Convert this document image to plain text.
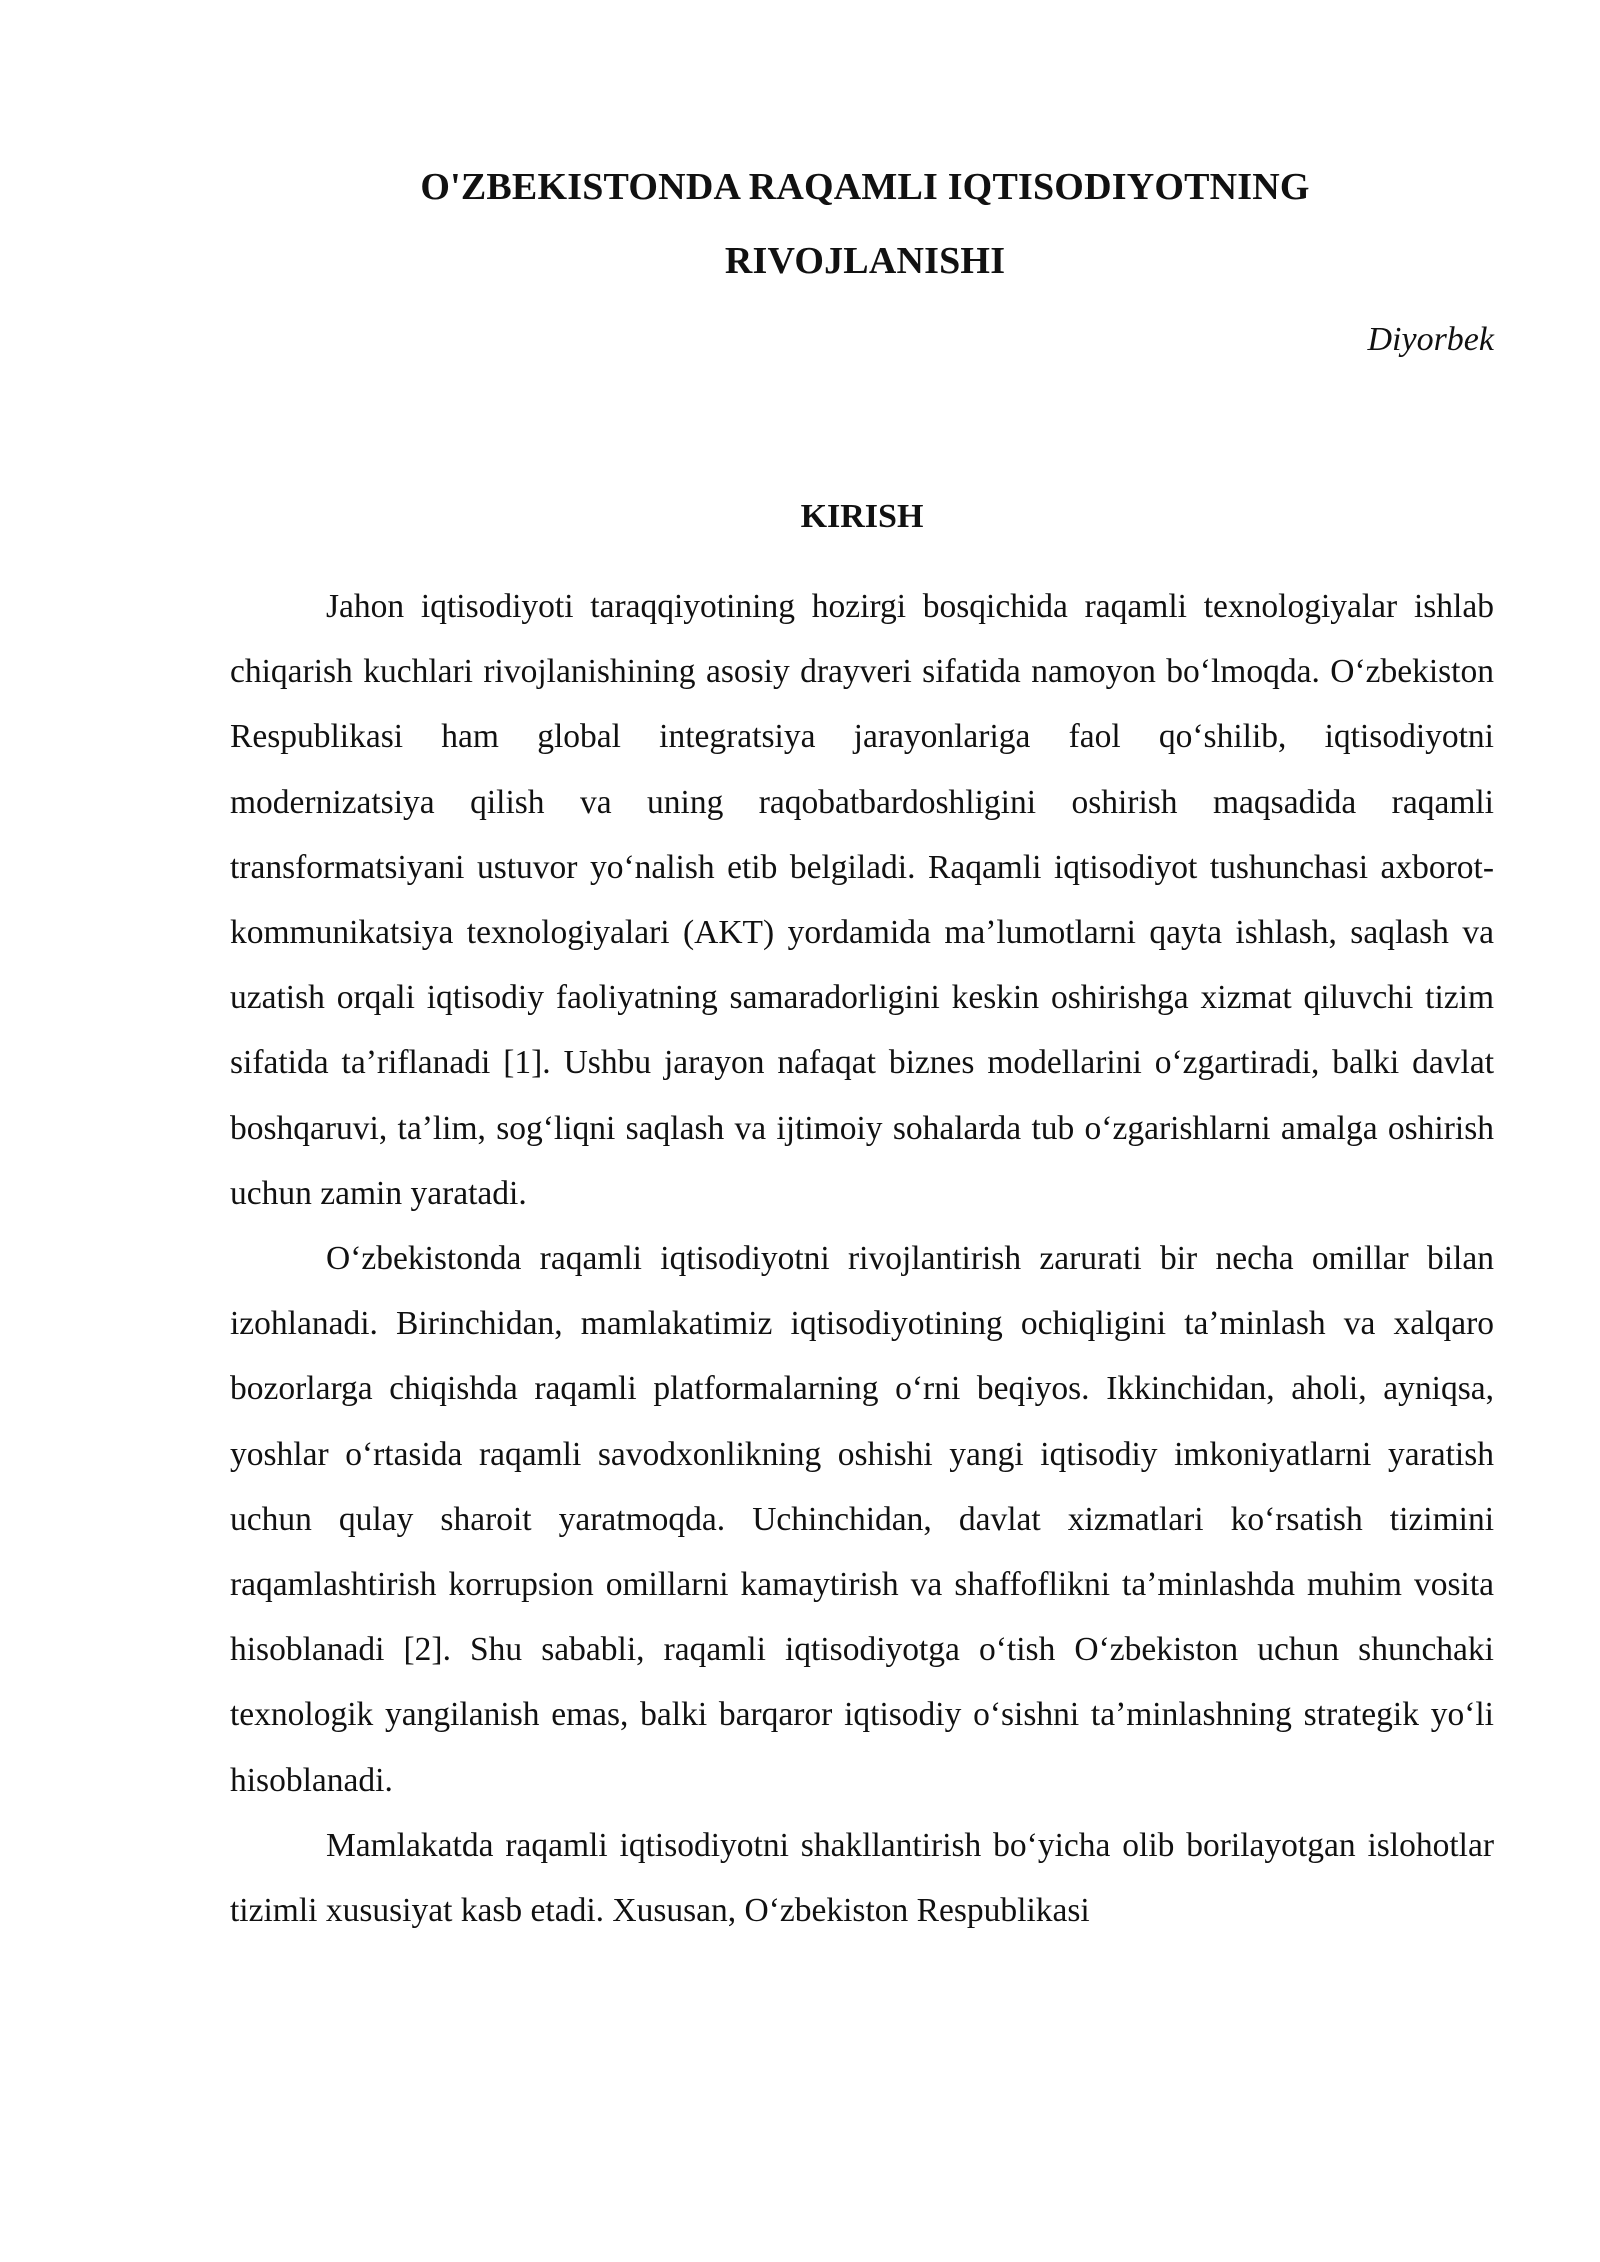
O'ZBEKISTONDA RAQAMLI IQTISODIYOTNING
RIVOJLANISHI

Diyorbek

KIRISH

Jahon iqtisodiyoti taraqqiyotining hozirgi bosqichida raqamli texnologiyalar ishlab chiqarish kuchlari rivojlanishining asosiy drayveri sifatida namoyon boʻlmoqda. Oʻzbekiston Respublikasi ham global integratsiya jarayonlariga faol qoʻshilib, iqtisodiyotni modernizatsiya qilish va uning raqobatbardoshligini oshirish maqsadida raqamli transformatsiyani ustuvor yoʻnalish etib belgiladi. Raqamli iqtisodiyot tushunchasi axborot-kommunikatsiya texnologiyalari (AKT) yordamida maʼlumotlarni qayta ishlash, saqlash va uzatish orqali iqtisodiy faoliyatning samaradorligini keskin oshirishga xizmat qiluvchi tizim sifatida taʼriflanadi [1]. Ushbu jarayon nafaqat biznes modellarini oʻzgartiradi, balki davlat boshqaruvi, taʼlim, sogʻliqni saqlash va ijtimoiy sohalarda tub oʻzgarishlarni amalga oshirish uchun zamin yaratadi.

Oʻzbekistonda raqamli iqtisodiyotni rivojlantirish zarurati bir necha omillar bilan izohlanadi. Birinchidan, mamlakatimiz iqtisodiyotining ochiqligini taʼminlash va xalqaro bozorlarga chiqishda raqamli platformalarning oʻrni beqiyos. Ikkinchidan, aholi, ayniqsa, yoshlar oʻrtasida raqamli savodxonlikning oshishi yangi iqtisodiy imkoniyatlarni yaratish uchun qulay sharoit yaratmoqda. Uchinchidan, davlat xizmatlari koʻrsatish tizimini raqamlashtirish korrupsion omillarni kamaytirish va shaffoflikni taʼminlashda muhim vosita hisoblanadi [2]. Shu sababli, raqamli iqtisodiyotga oʻtish Oʻzbekiston uchun shunchaki texnologik yangilanish emas, balki barqaror iqtisodiy oʻsishni taʼminlashning strategik yoʻli hisoblanadi.

Mamlakatda raqamli iqtisodiyotni shakllantirish boʻyicha olib borilayotgan islohotlar tizimli xususiyat kasb etadi. Xususan, Oʻzbekiston Respublikasi
